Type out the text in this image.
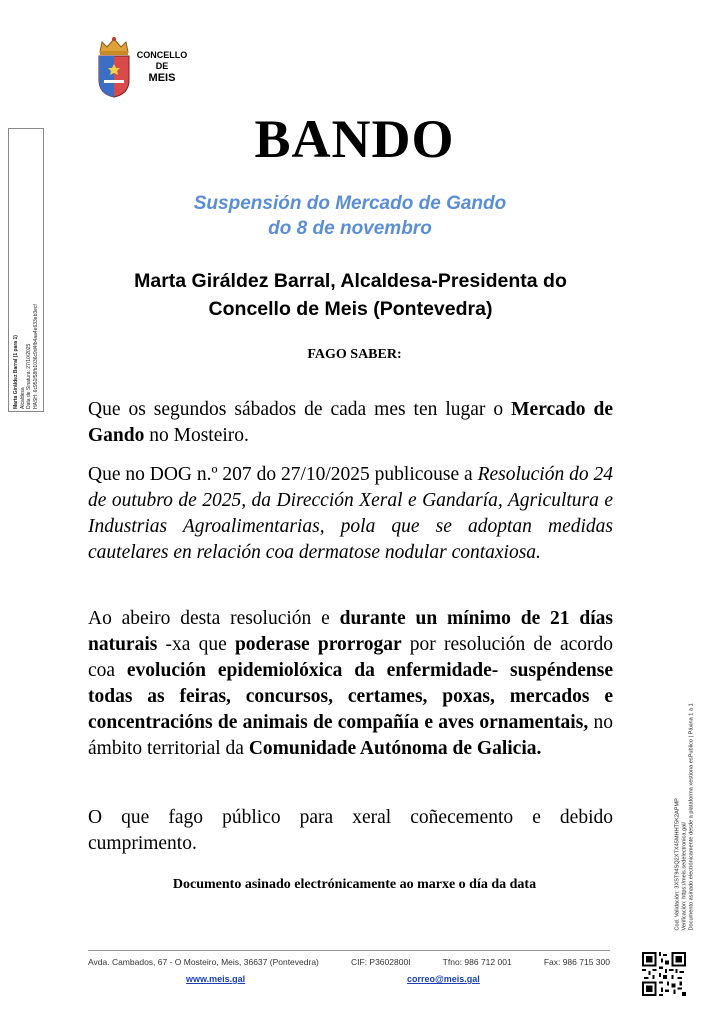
CONCELLO
DE
MEIS
Marta Giráldez Barral (1 para 1) Alcaldesa Data de Sinatura: 27/10/2025 HASH: 6c951f58fb1036c9d4fb4aa4e633eb3ecf
BANDO
Suspensión do Mercado de Gando
do 8 de novembro
Marta Giráldez Barral, Alcaldesa-Presidenta do
Concello de Meis (Pontevedra)
FAGO SABER:
Que os segundos sábados de cada mes ten lugar o Mercado de Gando no Mosteiro.
Que no DOG n.º 207 do 27/10/2025 publicouse a Resolución do 24 de outubro de 2025, da Dirección Xeral e Gandaría, Agricultura e Industrias Agroalimentarias, pola que se adoptan medidas cautelares en relación coa dermatose nodular contaxiosa.
Ao abeiro desta resolución e durante un mínimo de 21 días naturais -xa que poderase prorrogar por resolución de acordo coa evolución epidemiolóxica da enfermidade- suspéndense todas as feiras, concursos, certames, poxas, mercados e concentracións de animais de compañía e aves ornamentais, no ámbito territorial da Comunidade Autónoma de Galicia.
O que fago público para xeral coñecemento e debido cumprimento.
Documento asinado electrónicamente ao marxe o día da data
Avda. Cambados, 67 - O Mosteiro, Meis, 36637 (Pontevedra)	CIF: P3602800I	Tfno: 986 712 001	Fax: 986 715 300
www.meis.gal	correo@meis.gal
Cod. Validación: 3XST94SQ2XTX45MHHT5K2APMP Verificación: https://meis.sedelectronica.gal/ Documento asinado electrónicamente desde a plataforma xestiona esPublico | Páxina 1 a 1
